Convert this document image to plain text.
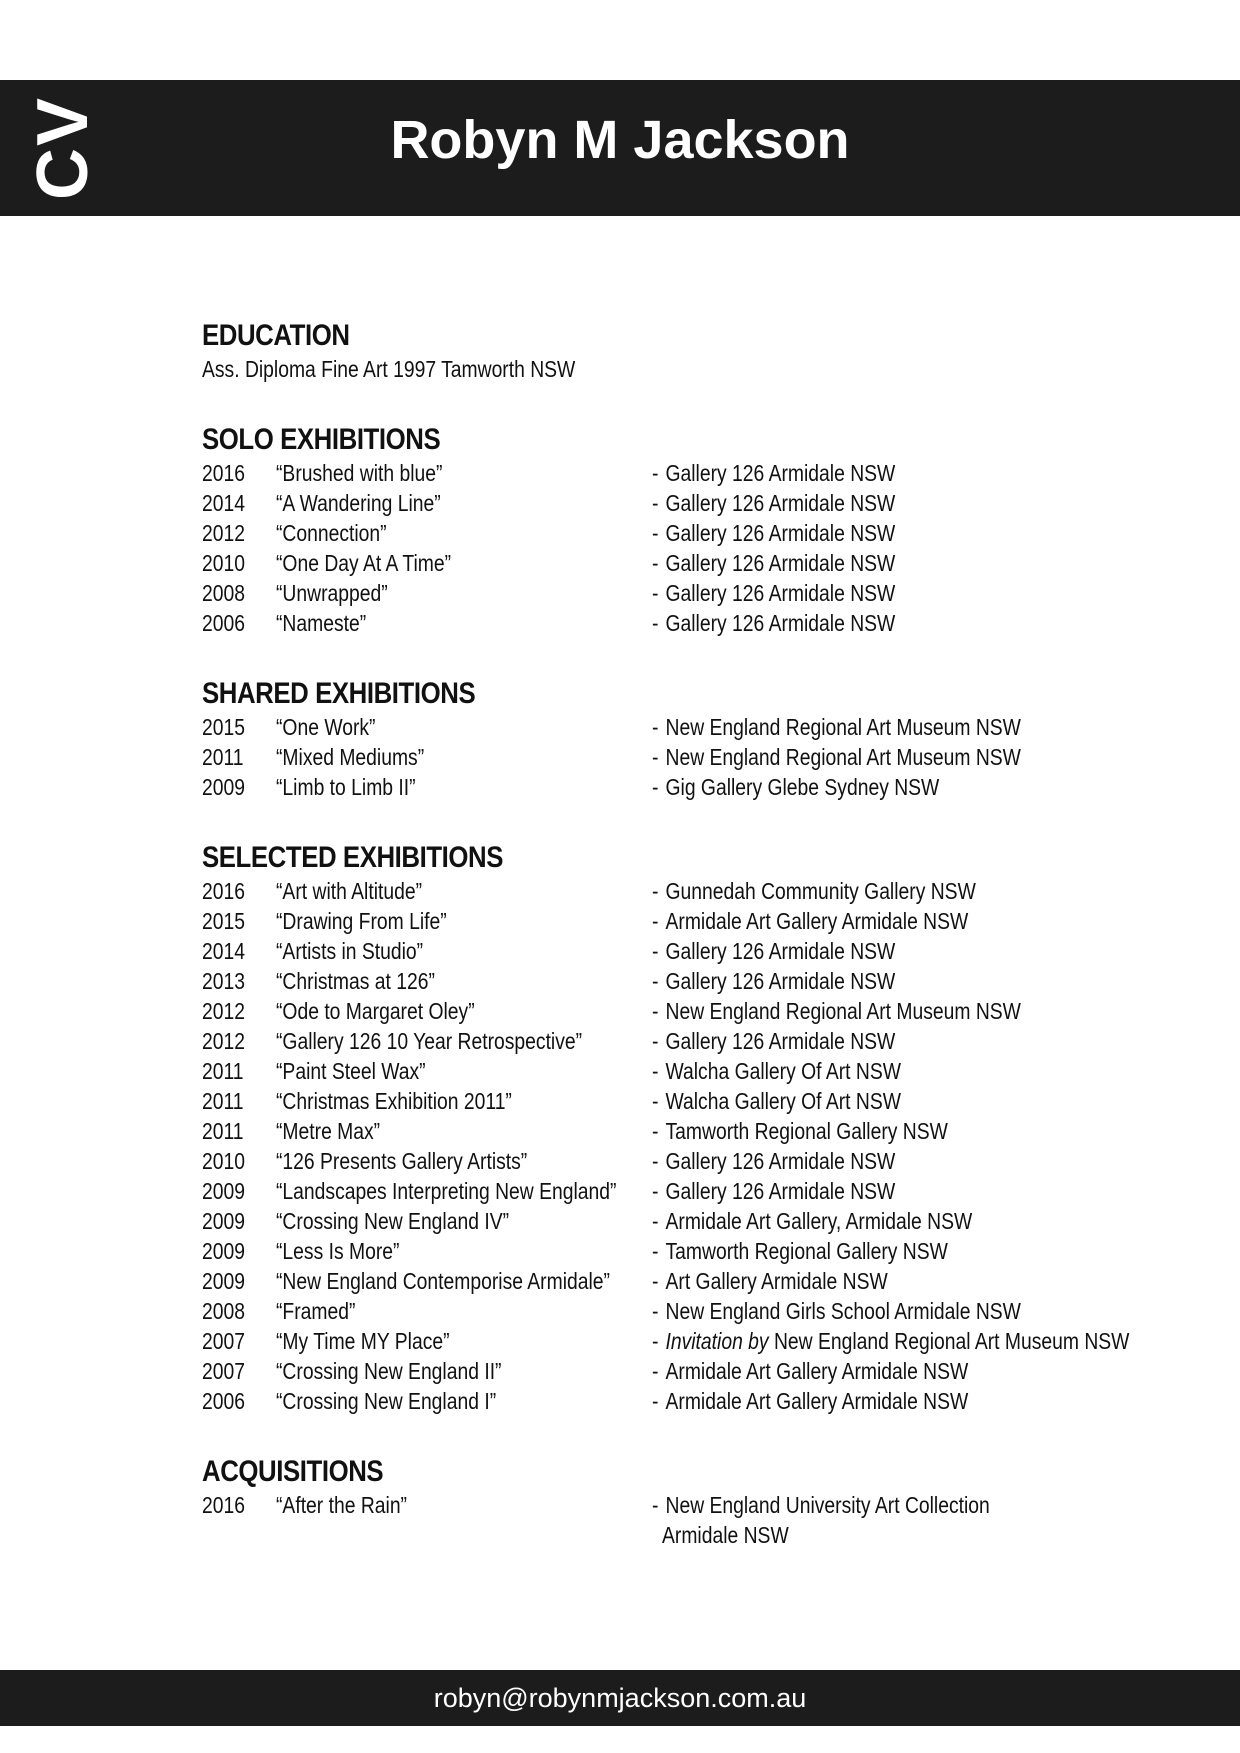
CV	Robyn M Jackson
EDUCATION
Ass. Diploma Fine Art 1997 Tamworth NSW
SOLO EXHIBITIONS
2016 “Brushed with blue”	- Gallery 126 Armidale NSW
2014 “A Wandering Line”	- Gallery 126 Armidale NSW
2012 “Connection”	- Gallery 126 Armidale NSW
2010 “One Day At A Time”	- Gallery 126 Armidale NSW
2008 “Unwrapped”	- Gallery 126 Armidale NSW
2006 “Nameste”	- Gallery 126 Armidale NSW
SHARED EXHIBITIONS
2015 “One Work”	- New England Regional Art Museum NSW
2011 “Mixed Mediums”	- New England Regional Art Museum NSW
2009 “Limb to Limb II”	- Gig Gallery Glebe Sydney NSW
SELECTED EXHIBITIONS
2016 “Art with Altitude”	- Gunnedah Community Gallery NSW
2015 “Drawing From Life”	- Armidale Art Gallery Armidale NSW
2014 “Artists in Studio”	- Gallery 126 Armidale NSW
2013 “Christmas at 126”	- Gallery 126 Armidale NSW
2012 “Ode to Margaret Oley”	- New England Regional Art Museum NSW
2012 “Gallery 126 10 Year Retrospective”	- Gallery 126 Armidale NSW
2011 “Paint Steel Wax”	- Walcha Gallery Of Art NSW
2011 “Christmas Exhibition 2011”	- Walcha Gallery Of Art NSW
2011 “Metre Max”	- Tamworth Regional Gallery NSW
2010 “126 Presents Gallery Artists”	- Gallery 126 Armidale NSW
2009 “Landscapes Interpreting New England” - Gallery 126 Armidale NSW
2009 “Crossing New England IV”	- Armidale Art Gallery, Armidale NSW
2009 “Less Is More”	- Tamworth Regional Gallery NSW
2009 “New England Contemporise Armidale” - Art Gallery Armidale NSW
2008 “Framed”	- New England Girls School Armidale NSW
2007 “My Time MY Place”	- Invitation by New England Regional Art Museum NSW
2007 “Crossing New England II”	- Armidale Art Gallery Armidale NSW
2006 “Crossing New England I”	- Armidale Art Gallery Armidale NSW
ACQUISITIONS
2016 “After the Rain”	- New England University Art Collection
Armidale NSW
robyn@robynmjackson.com.au
